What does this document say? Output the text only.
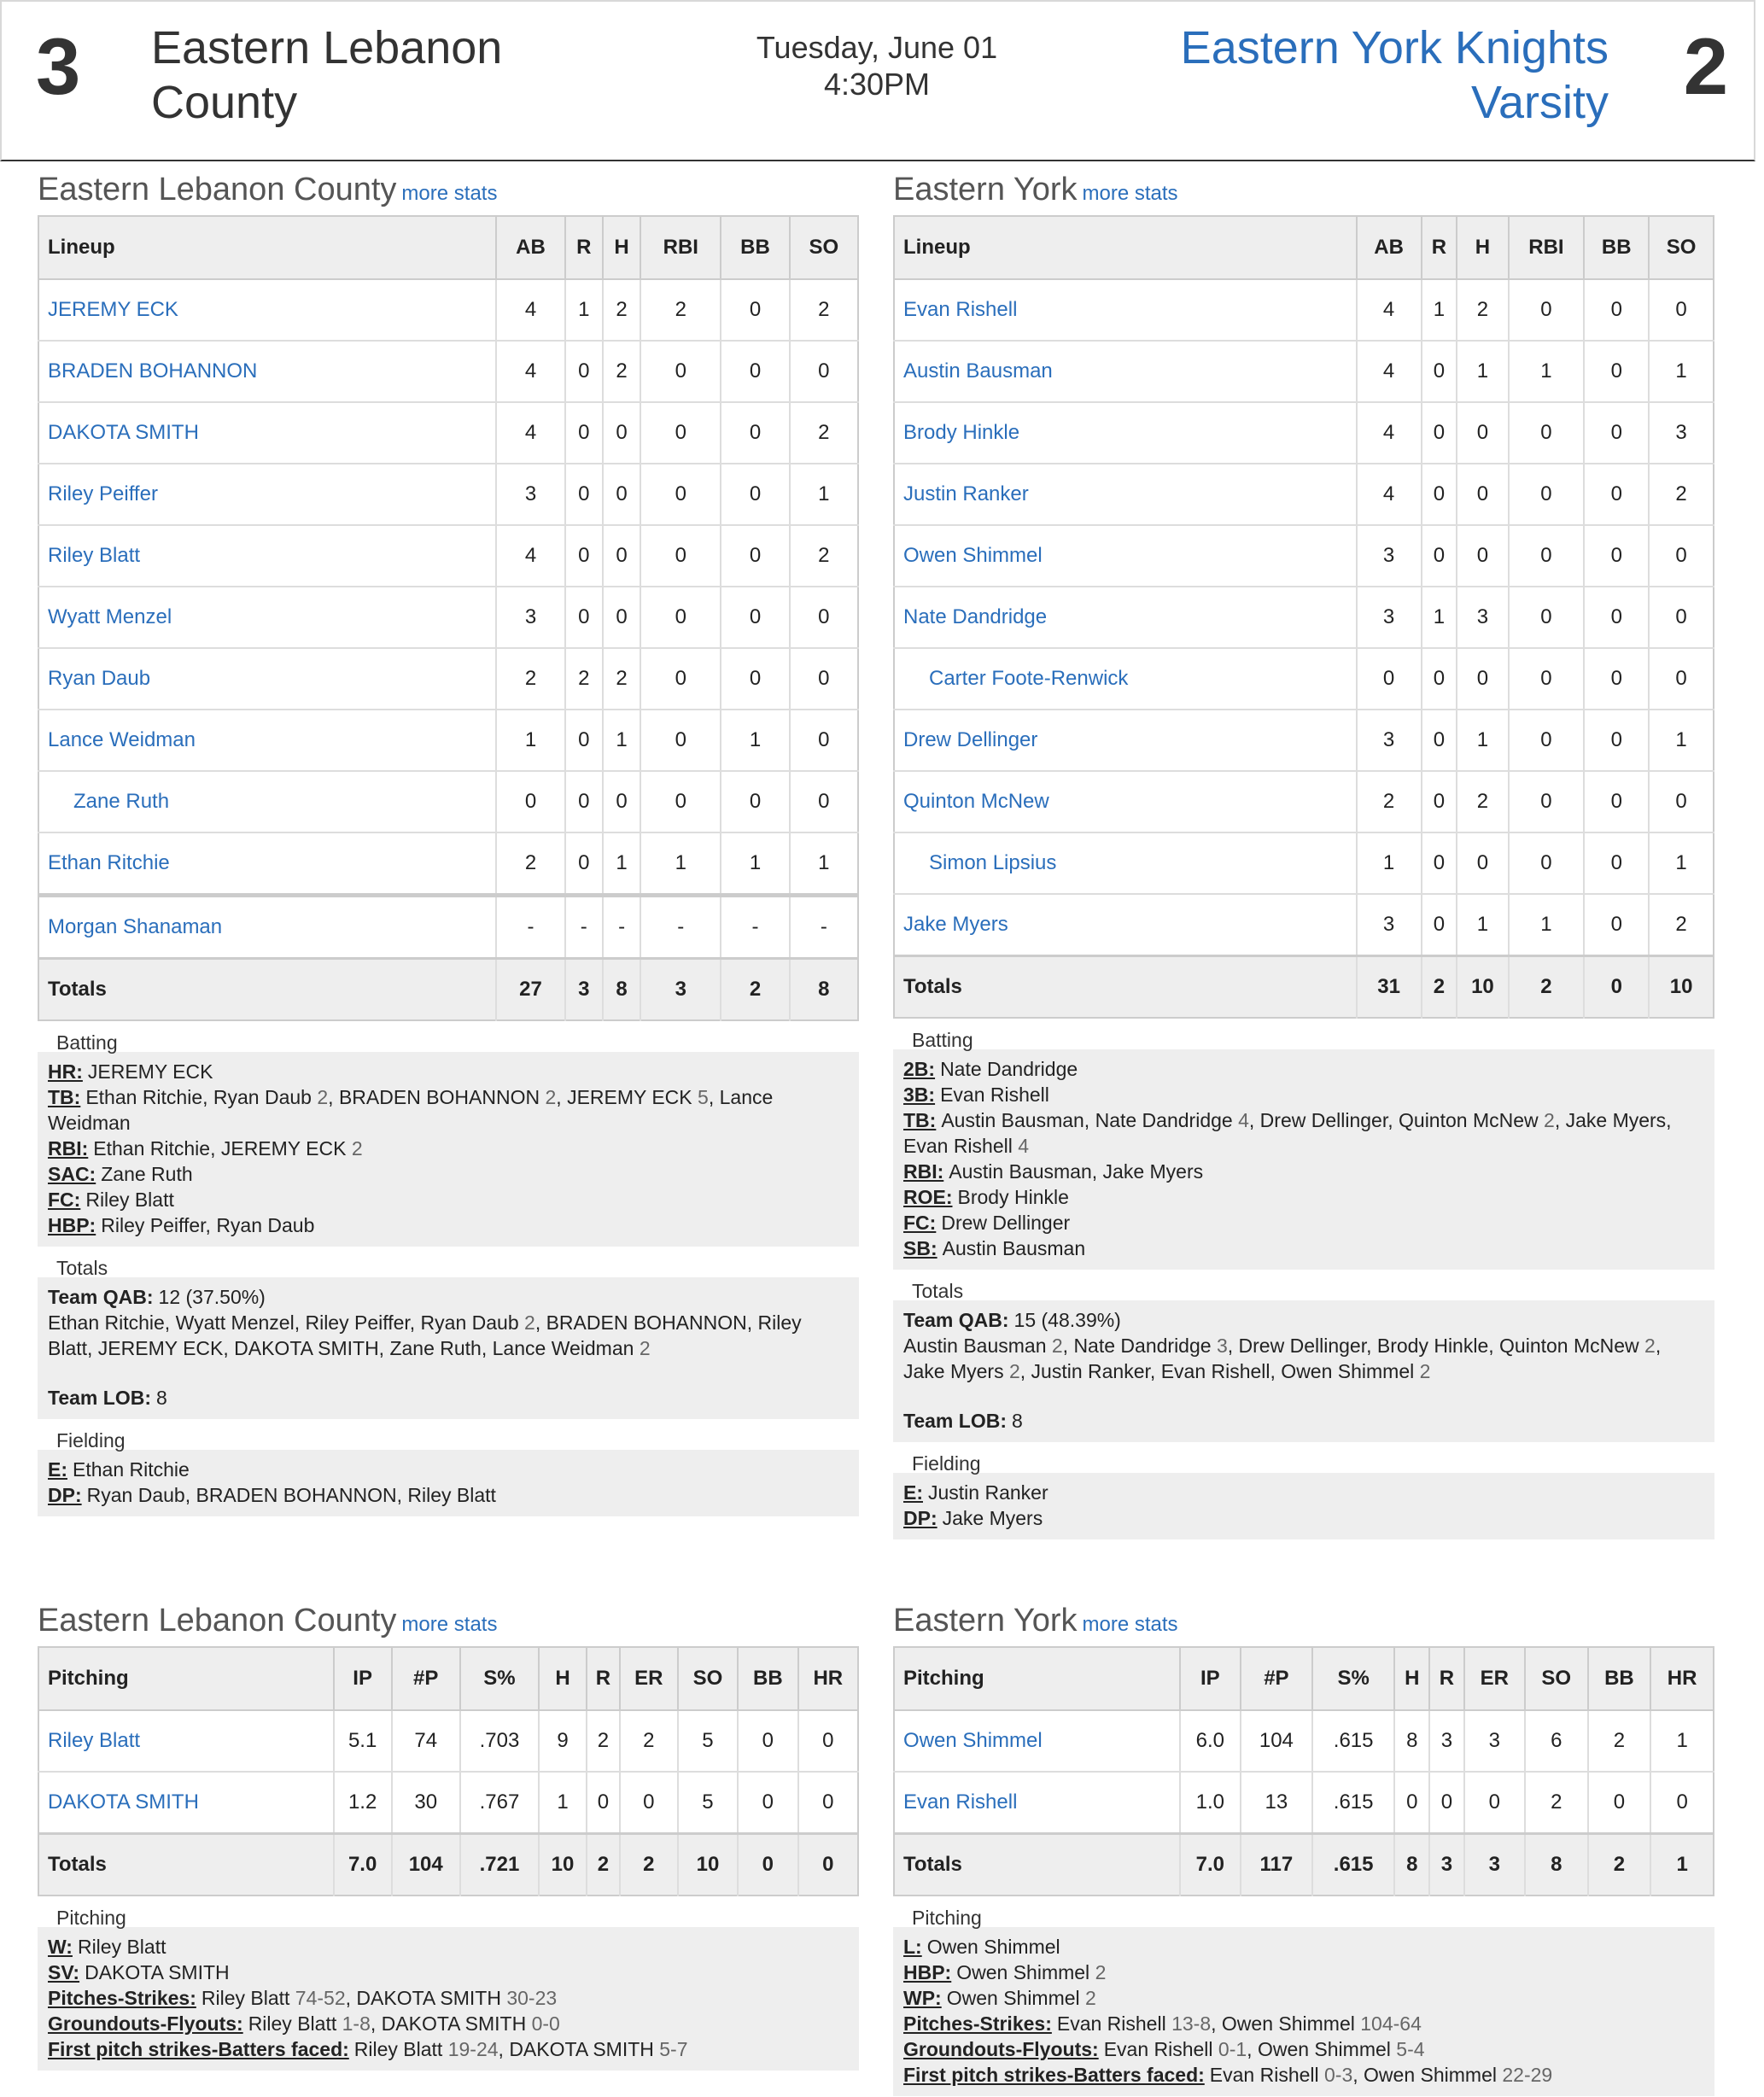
3 Eastern Lebanon County
Tuesday, June 01
4:30PM
Eastern York Knights Varsity 2
Eastern Lebanon County more stats
Lineup	AB	R	H	RBI	BB	SO
JEREMY ECK	4	1	2	2	0	2
BRADEN BOHANNON	4	0	2	0	0	0
DAKOTA SMITH	4	0	0	0	0	2
Riley Peiffer	3	0	0	0	0	1
Riley Blatt	4	0	0	0	0	2
Wyatt Menzel	3	0	0	0	0	0
Ryan Daub	2	2	2	0	0	0
Lance Weidman	1	0	1	0	1	0
Zane Ruth	0	0	0	0	0	0
Ethan Ritchie	2	0	1	1	1	1
Morgan Shanaman	-	-	-	-	-	-
Totals	27	3	8	3	2	8
Batting
HR: JEREMY ECK
TB: Ethan Ritchie, Ryan Daub 2, BRADEN BOHANNON 2, JEREMY ECK 5, Lance Weidman
RBI: Ethan Ritchie, JEREMY ECK 2
SAC: Zane Ruth
FC: Riley Blatt
HBP: Riley Peiffer, Ryan Daub
Totals
Team QAB: 12 (37.50%)
Ethan Ritchie, Wyatt Menzel, Riley Peiffer, Ryan Daub 2, BRADEN BOHANNON, Riley Blatt, JEREMY ECK, DAKOTA SMITH, Zane Ruth, Lance Weidman 2
Team LOB: 8
Fielding
E: Ethan Ritchie
DP: Ryan Daub, BRADEN BOHANNON, Riley Blatt
Eastern York more stats
Lineup	AB	R	H	RBI	BB	SO
Evan Rishell	4	1	2	0	0	0
Austin Bausman	4	0	1	1	0	1
Brody Hinkle	4	0	0	0	0	3
Justin Ranker	4	0	0	0	0	2
Owen Shimmel	3	0	0	0	0	0
Nate Dandridge	3	1	3	0	0	0
Carter Foote-Renwick	0	0	0	0	0	0
Drew Dellinger	3	0	1	0	0	1
Quinton McNew	2	0	2	0	0	0
Simon Lipsius	1	0	0	0	0	1
Jake Myers	3	0	1	1	0	2
Totals	31	2	10	2	0	10
Batting
2B: Nate Dandridge
3B: Evan Rishell
TB: Austin Bausman, Nate Dandridge 4, Drew Dellinger, Quinton McNew 2, Jake Myers, Evan Rishell 4
RBI: Austin Bausman, Jake Myers
ROE: Brody Hinkle
FC: Drew Dellinger
SB: Austin Bausman
Totals
Team QAB: 15 (48.39%)
Austin Bausman 2, Nate Dandridge 3, Drew Dellinger, Brody Hinkle, Quinton McNew 2, Jake Myers 2, Justin Ranker, Evan Rishell, Owen Shimmel 2
Team LOB: 8
Fielding
E: Justin Ranker
DP: Jake Myers
Eastern Lebanon County more stats
Pitching	IP	#P	S%	H	R	ER	SO	BB	HR
Riley Blatt	5.1	74	.703	9	2	2	5	0	0
DAKOTA SMITH	1.2	30	.767	1	0	0	5	0	0
Totals	7.0	104	.721	10	2	2	10	0	0
Pitching
W: Riley Blatt
SV: DAKOTA SMITH
Pitches-Strikes: Riley Blatt 74-52, DAKOTA SMITH 30-23
Groundouts-Flyouts: Riley Blatt 1-8, DAKOTA SMITH 0-0
First pitch strikes-Batters faced: Riley Blatt 19-24, DAKOTA SMITH 5-7
Eastern York more stats
Pitching	IP	#P	S%	H	R	ER	SO	BB	HR
Owen Shimmel	6.0	104	.615	8	3	3	6	2	1
Evan Rishell	1.0	13	.615	0	0	0	2	0	0
Totals	7.0	117	.615	8	3	3	8	2	1
Pitching
L: Owen Shimmel
HBP: Owen Shimmel 2
WP: Owen Shimmel 2
Pitches-Strikes: Evan Rishell 13-8, Owen Shimmel 104-64
Groundouts-Flyouts: Evan Rishell 0-1, Owen Shimmel 5-4
First pitch strikes-Batters faced: Evan Rishell 0-3, Owen Shimmel 22-29
